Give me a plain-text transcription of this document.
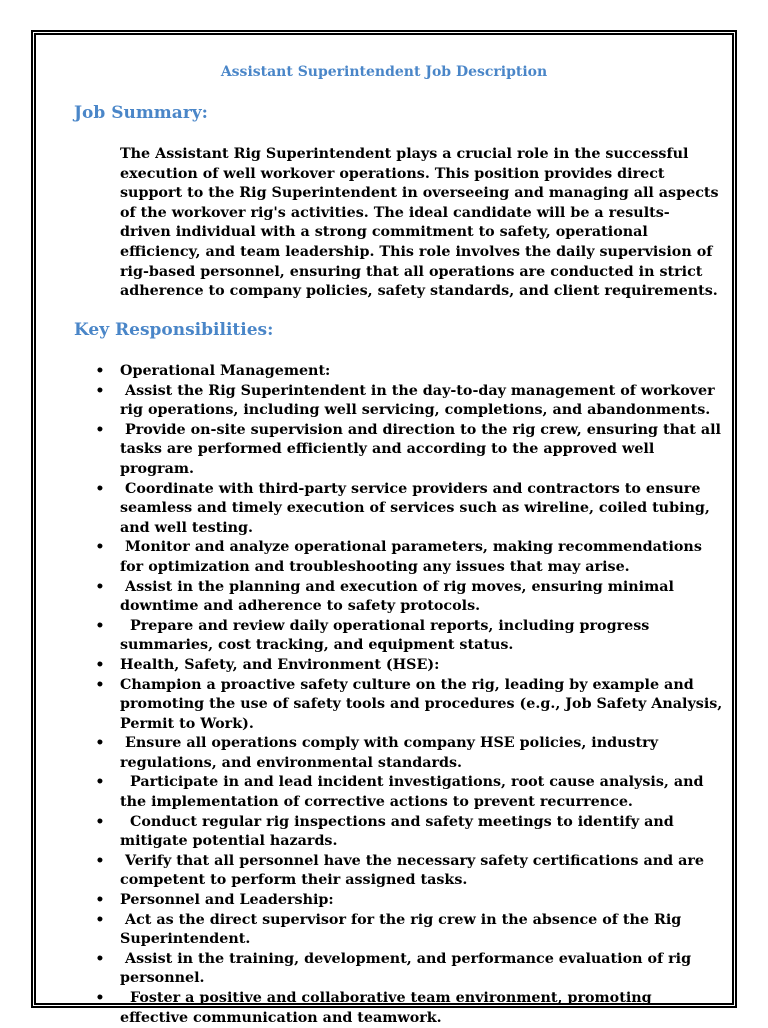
Assistant Superintendent Job Description
Job Summary:

The Assistant Rig Superintendent plays a crucial role in the successful execution of well workover operations. This position provides direct support to the Rig Superintendent in overseeing and managing all aspects of the workover rig's activities. The ideal candidate will be a results-driven individual with a strong commitment to safety, operational efficiency, and team leadership. This role involves the daily supervision of rig-based personnel, ensuring that all operations are conducted in strict adherence to company policies, safety standards, and client requirements.

Key Responsibilities:
• Operational Management:
• Assist the Rig Superintendent in the day-to-day management of workover rig operations, including well servicing, completions, and abandonments.
• Provide on-site supervision and direction to the rig crew, ensuring that all tasks are performed efficiently and according to the approved well program.
• Coordinate with third-party service providers and contractors to ensure seamless and timely execution of services such as wireline, coiled tubing, and well testing.
• Monitor and analyze operational parameters, making recommendations for optimization and troubleshooting any issues that may arise.
• Assist in the planning and execution of rig moves, ensuring minimal downtime and adherence to safety protocols.
• Prepare and review daily operational reports, including progress summaries, cost tracking, and equipment status.
• Health, Safety, and Environment (HSE):
• Champion a proactive safety culture on the rig, leading by example and promoting the use of safety tools and procedures (e.g., Job Safety Analysis, Permit to Work).
• Ensure all operations comply with company HSE policies, industry regulations, and environmental standards.
• Participate in and lead incident investigations, root cause analysis, and the implementation of corrective actions to prevent recurrence.
• Conduct regular rig inspections and safety meetings to identify and mitigate potential hazards.
• Verify that all personnel have the necessary safety certifications and are competent to perform their assigned tasks.
• Personnel and Leadership:
• Act as the direct supervisor for the rig crew in the absence of the Rig Superintendent.
• Assist in the training, development, and performance evaluation of rig personnel.
• Foster a positive and collaborative team environment, promoting effective communication and teamwork.
